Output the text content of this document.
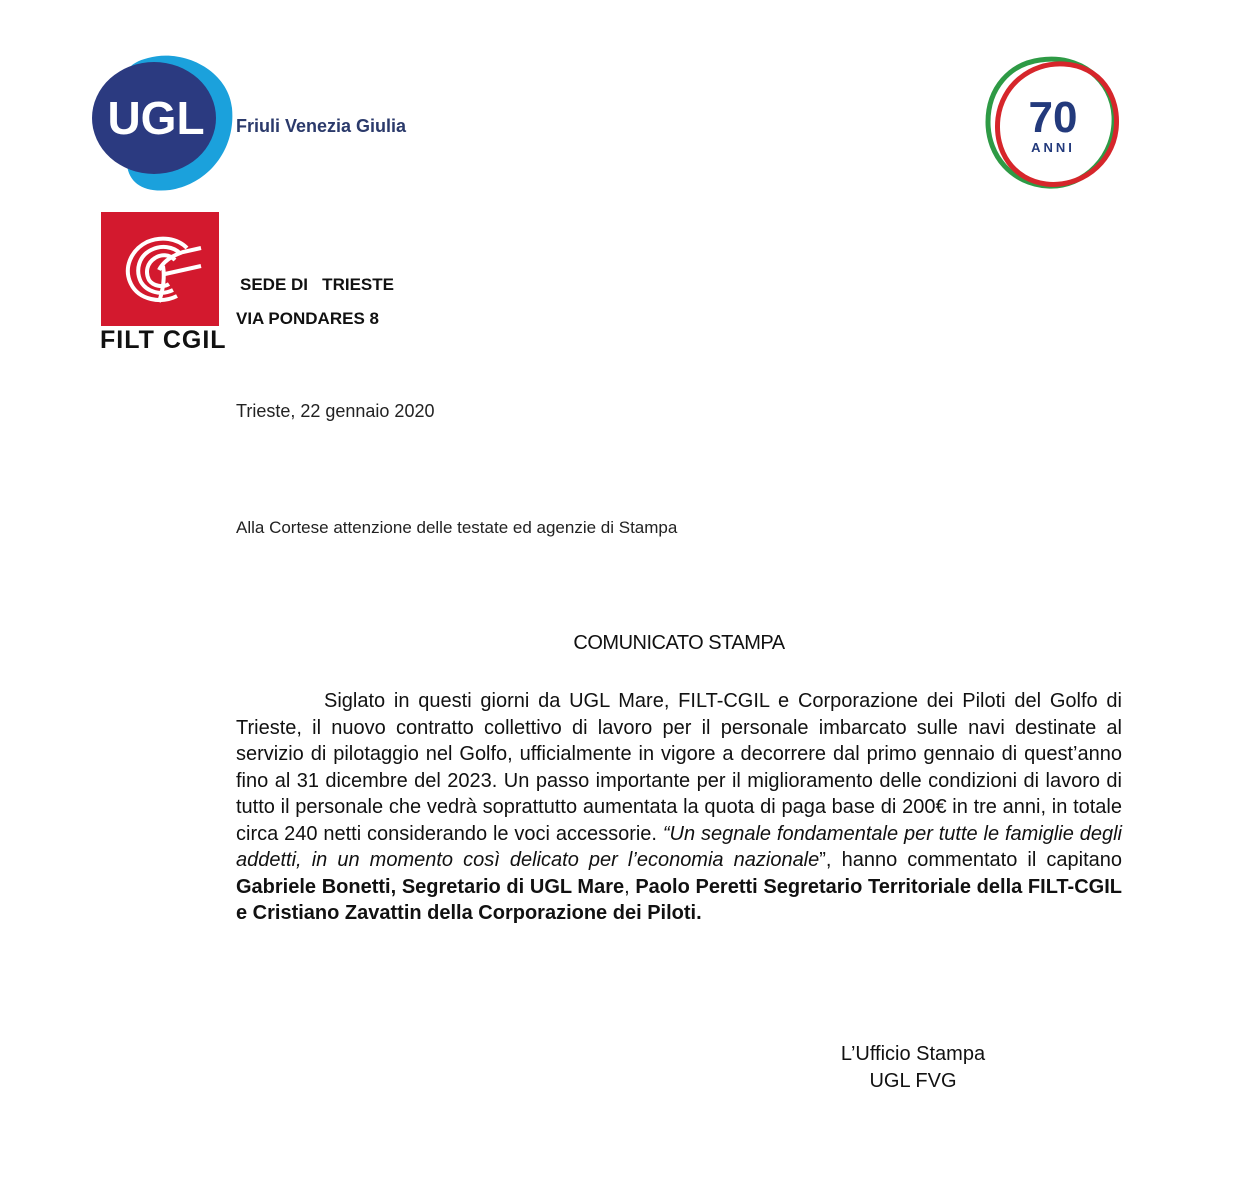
UGL Friuli Venezia Giulia	70
ANNI
FILT CGIL
SEDE DI   TRIESTE
VIA PONDARES 8
Trieste, 22 gennaio 2020
Alla Cortese attenzione delle testate ed agenzie di Stampa
COMUNICATO STAMPA
Siglato in questi giorni da UGL Mare, FILT-CGIL e Corporazione dei Piloti del Golfo di Trieste, il nuovo contratto collettivo di lavoro per il personale imbarcato sulle navi destinate al servizio di pilotaggio nel Golfo, ufficialmente in vigore a decorrere dal primo gennaio di quest’anno fino al 31 dicembre del 2023. Un passo importante per il miglioramento delle condizioni di lavoro di tutto il personale che vedrà soprattutto aumentata la quota di paga base di 200€ in tre anni, in totale circa 240 netti considerando le voci accessorie. “Un segnale fondamentale per tutte le famiglie degli addetti, in un momento così delicato per l’economia nazionale”, hanno commentato il capitano Gabriele Bonetti, Segretario di UGL Mare, Paolo Peretti Segretario Territoriale della FILT-CGIL e Cristiano Zavattin della Corporazione dei Piloti.
L’Ufficio Stampa
UGL FVG
